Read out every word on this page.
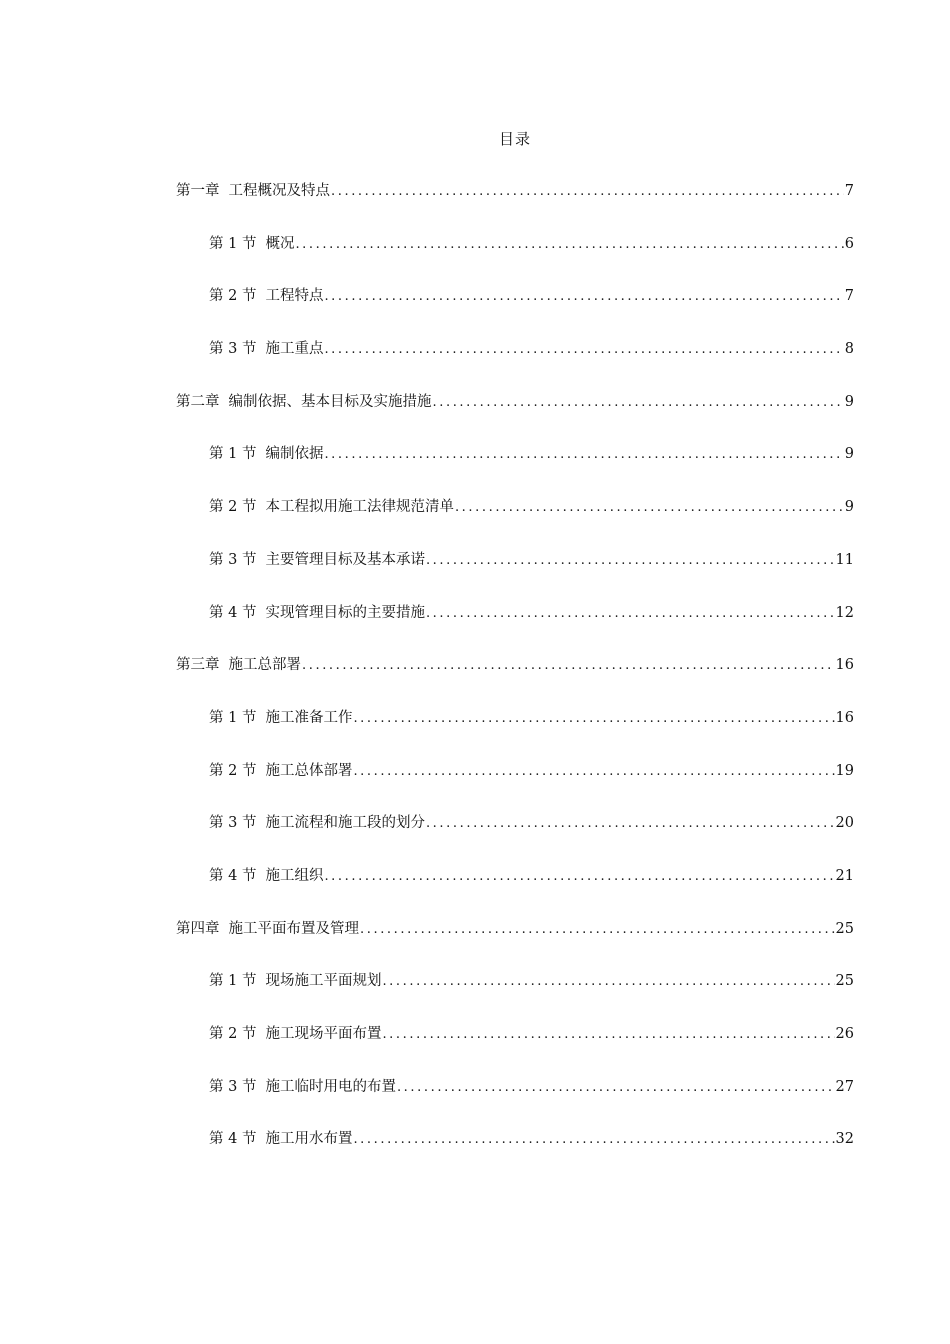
目录
第一章 工程概况及特点 .....	7
第 1 节 概况 .....	6
第 2 节 工程特点 .....	7
第 3 节 施工重点 .....	8
第二章 编制依据、基本目标及实施措施 .....	9
第 1 节 编制依据 .....	9
第 2 节 本工程拟用施工法律规范清单 .....	9
第 3 节 主要管理目标及基本承诺 .....	11
第 4 节 实现管理目标的主要措施 .....	12
第三章 施工总部署 .....	16
第 1 节 施工准备工作 .....	16
第 2 节 施工总体部署 .....	19
第 3 节 施工流程和施工段的划分 .....	20
第 4 节 施工组织 .....	21
第四章 施工平面布置及管理 .....	25
第 1 节 现场施工平面规划 .....	25
第 2 节 施工现场平面布置 .....	26
第 3 节 施工临时用电的布置 .....	27
第 4 节 施工用水布置 .....	32
